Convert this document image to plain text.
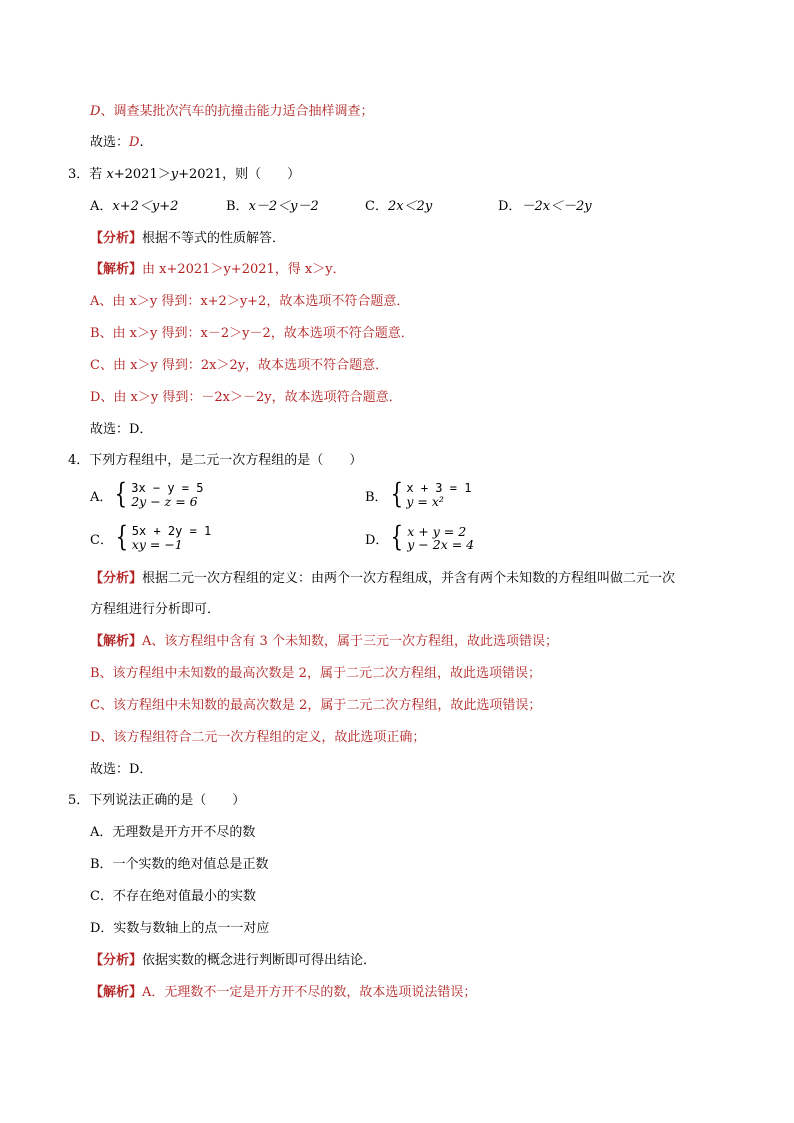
D、调查某批次汽车的抗撞击能力适合抽样调查；
故选：D.
3．若 x+2021＞y+2021，则（　　）
A．x+2＜y+2	B．x－2＜y－2	C．2x＜2y	D．－2x＜－2y
【分析】根据不等式的性质解答．
【解析】由 x+2021＞y+2021，得 x＞y．
A、由 x＞y 得到：x+2＞y+2，故本选项不符合题意．
B、由 x＞y 得到：x－2＞y－2，故本选项不符合题意．
C、由 x＞y 得到：2x＞2y，故本选项不符合题意．
D、由 x＞y 得到：－2x＞－2y，故本选项符合题意．
故选：D．
4．下列方程组中，是二元一次方程组的是（　　）
A． { 3x − y = 5
2y − z = 6	B． { x + 3 = 1
y = x²
C． { 5x + 2y = 1
xy = −1	D． { x + y = 2
y − 2x = 4
【分析】根据二元一次方程组的定义：由两个一次方程组成，并含有两个未知数的方程组叫做二元一次
方程组进行分析即可．
【解析】A、该方程组中含有 3 个未知数，属于三元一次方程组，故此选项错误；
B、该方程组中未知数的最高次数是 2，属于二元二次方程组，故此选项错误；
C、该方程组中未知数的最高次数是 2，属于二元二次方程组，故此选项错误；
D、该方程组符合二元一次方程组的定义，故此选项正确；
故选：D．
5．下列说法正确的是（　　）
A．无理数是开方开不尽的数
B．一个实数的绝对值总是正数
C．不存在绝对值最小的实数
D．实数与数轴上的点一一对应
【分析】依据实数的概念进行判断即可得出结论．
【解析】A．无理数不一定是开方开不尽的数，故本选项说法错误；
